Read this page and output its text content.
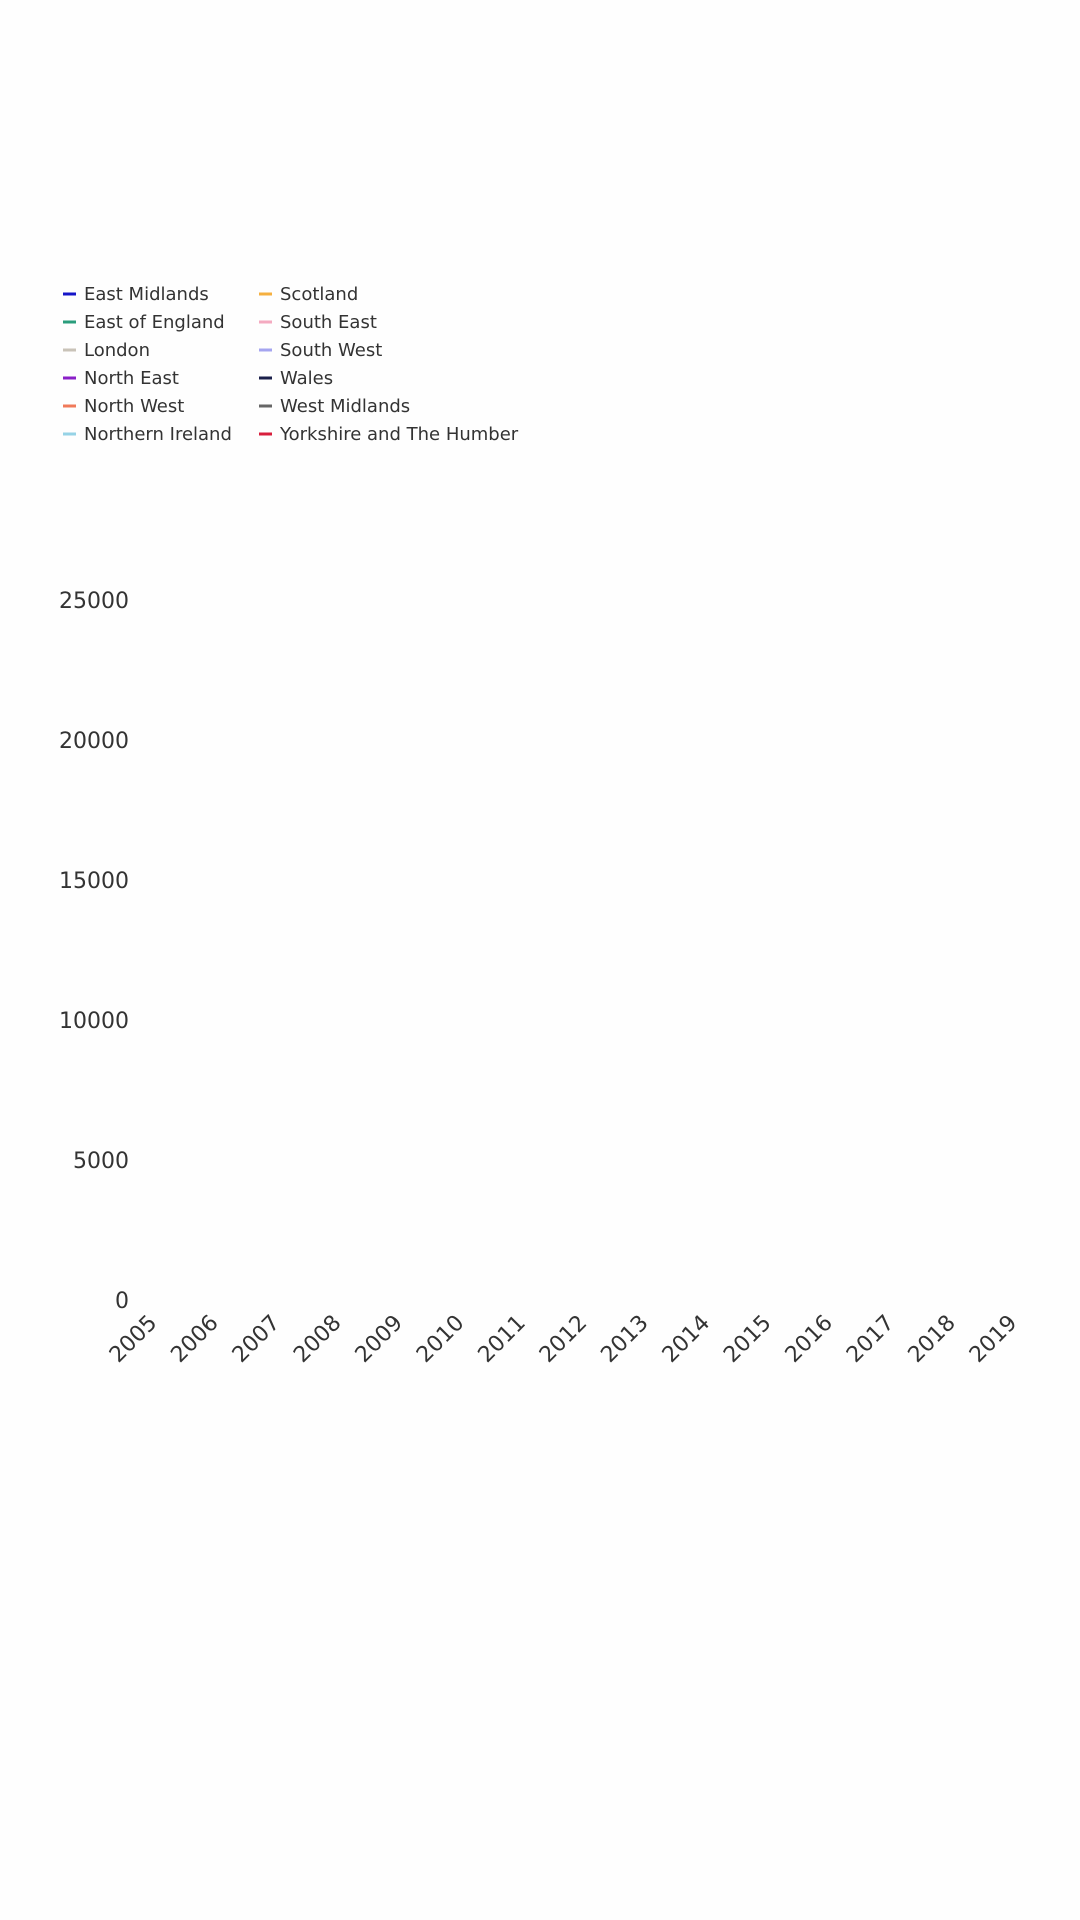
East Midlands
East of England
London
North East
North West
Northern Ireland
Scotland
South East
South West
Wales
West Midlands
Yorkshire and The Humber
0
5000
10000
15000
20000
25000
2005 2006 2007 2008 2009 2010 2011 2012 2013 2014 2015 2016 2017 2018 2019
